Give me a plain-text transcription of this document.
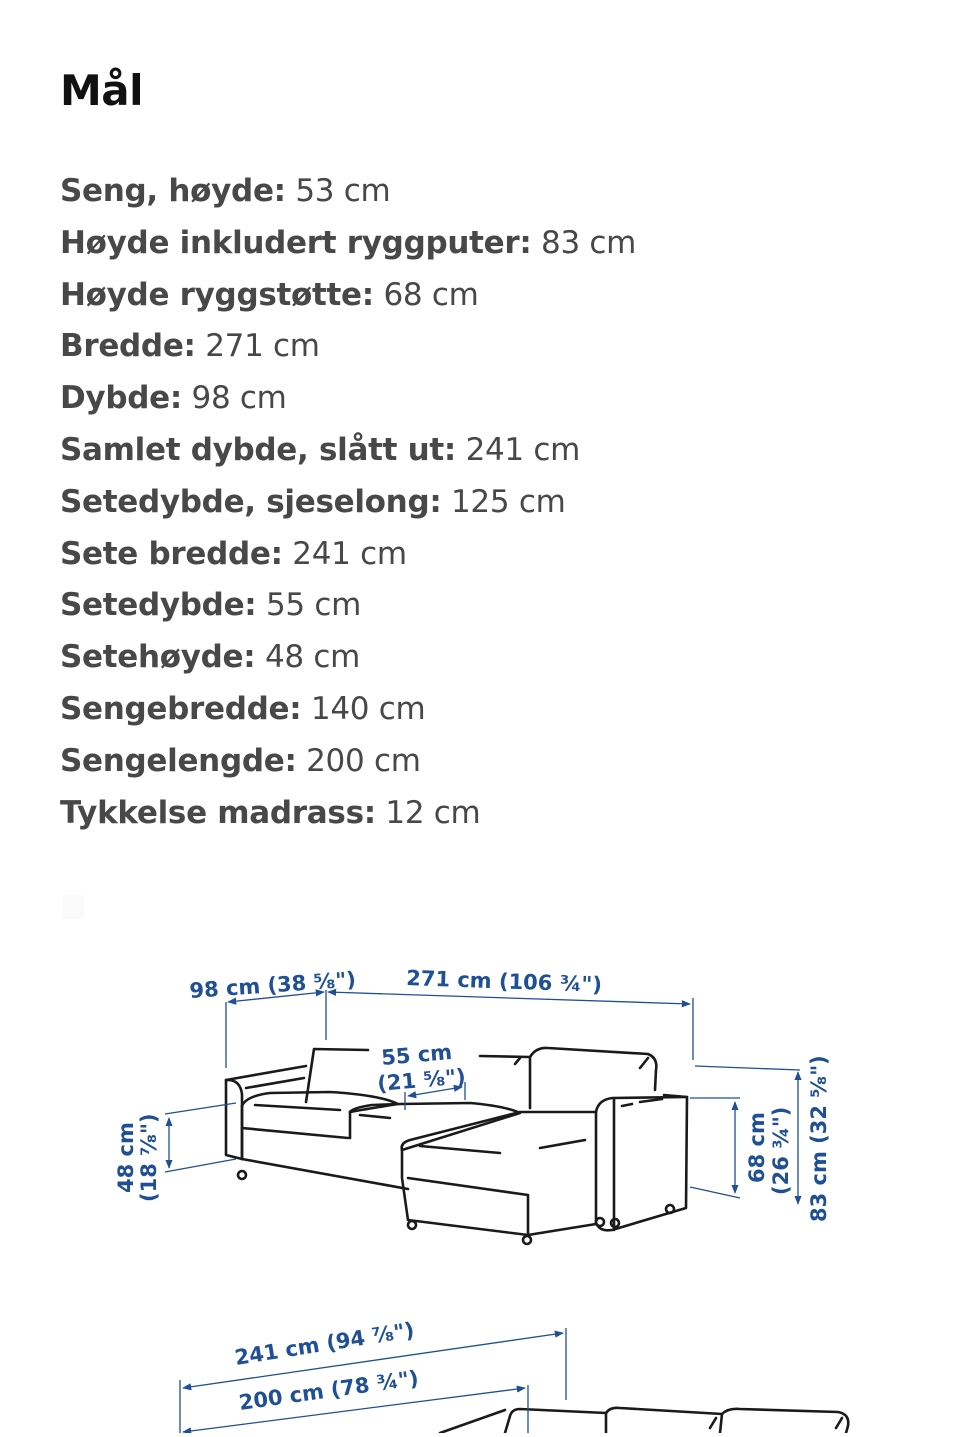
Mål
Seng, høyde: 53 cm
Høyde inkludert ryggputer: 83 cm
Høyde ryggstøtte: 68 cm
Bredde: 271 cm
Dybde: 98 cm
Samlet dybde, slått ut: 241 cm
Setedybde, sjeselong: 125 cm
Sete bredde: 241 cm
Setedybde: 55 cm
Setehøyde: 48 cm
Sengebredde: 140 cm
Sengelengde: 200 cm
Tykkelse madrass: 12 cm
98 cm (38 ⁵⁄₈") 271 cm (106 ¾")
55 cm
(21 ⁵⁄₈")
48 cm (18 ⁷⁄₈")	68 cm (26 ¾") 83 cm (32 ⁵⁄₈")
241 cm (94 ⁷⁄₈")
200 cm (78 ¾")
